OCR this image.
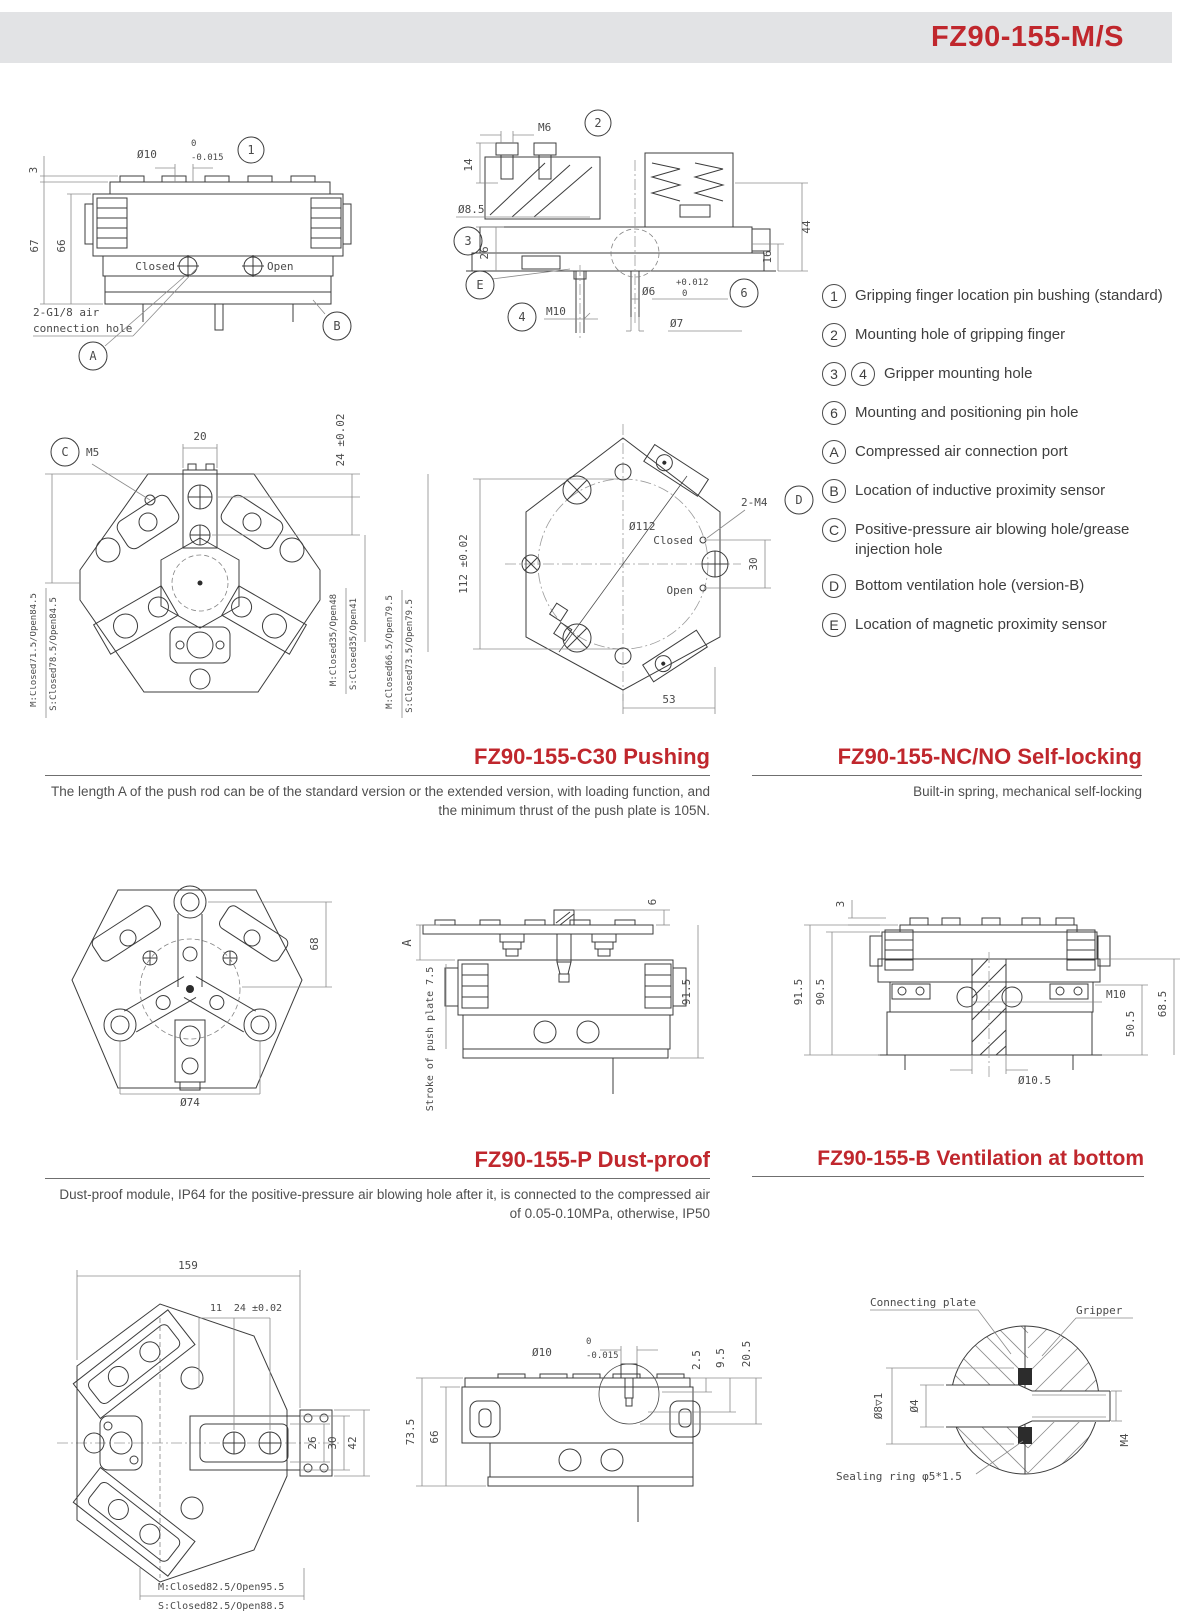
FZ90-155-M/S
3
67 66
Ø10
0
-0.015
1
Closed	Open
2-G1/8 air
connection hole
A
B
M6	2
14
Ø8.5
3
26
44
16
Ø6
+0.012
0	6
Ø7
M10
4
E
1	Gripping finger location pin bushing (standard)
2	Mounting hole of gripping finger
3	4	Gripper mounting hole
6	Mounting and positioning pin hole
A	Compressed air connection port
B	Location of inductive proximity sensor
C	Positive-pressure air blowing hole/grease injection hole
D	Bottom ventilation hole (version-B)
E	Location of magnetic proximity sensor
C M5
20	24 ±0.02
M:Closed71.5/Open84.5 S:Closed78.5/Open84.5	M:Closed35/Open48 S:Closed35/Open41	M:Closed66.5/Open79.5 S:Closed73.5/Open79.5
112 ±0.02
Ø112
2-M4 D
Closed
Open
30
53
FZ90-155-C30 Pushing

The length A of the push rod can be of the standard version or the extended version, with loading function, and the minimum thrust of the push plate is 105N.

FZ90-155-NC/NO Self-locking

Built-in spring, mechanical self-locking

68
Ø74
A
Stroke of push plate 7.5
6
91.5
3
91.5 90.5	M10
50.5
68.5
Ø10.5
FZ90-155-P Dust-proof

Dust-proof module, IP64 for the positive-pressure air blowing hole after it, is connected to the compressed air of 0.05-0.10MPa, otherwise, IP50

FZ90-155-B Ventilation at bottom
159
11 24 ±0.02
26 30 42
M:Closed82.5/Open95.5
S:Closed82.5/Open88.5
Ø10
0
-0.015	2.5 9.5 20.5
73.5 66
Connecting plate
Gripper
Ø8▽1 Ø4
M4
Sealing ring φ5*1.5
